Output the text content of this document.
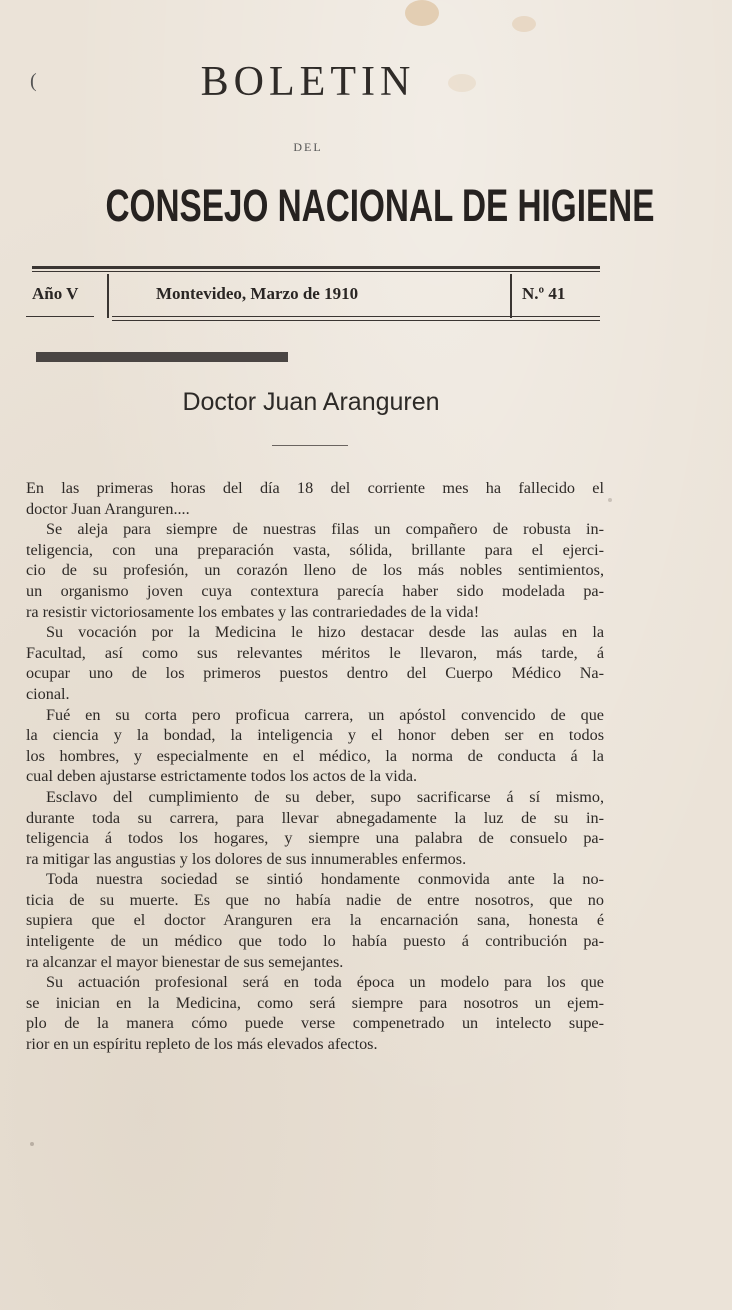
(	BOLETIN
DEL
CONSEJO NACIONAL DE HIGIENE
Año V	Montevideo, Marzo de 1910	N.º 41
Doctor Juan Aranguren
En las primeras horas del día 18 del corriente mes ha fallecido el
doctor Juan Aranguren....
Se aleja para siempre de nuestras filas un compañero de robusta in-
teligencia, con una preparación vasta, sólida, brillante para el ejerci-
cio de su profesión, un corazón lleno de los más nobles sentimientos,
un organismo joven cuya contextura parecía haber sido modelada pa-
ra resistir victoriosamente los embates y las contrariedades de la vida!
Su vocación por la Medicina le hizo destacar desde las aulas en la
Facultad, así como sus relevantes méritos le llevaron, más tarde, á
ocupar uno de los primeros puestos dentro del Cuerpo Médico Na-
cional.
Fué en su corta pero proficua carrera, un apóstol convencido de que
la ciencia y la bondad, la inteligencia y el honor deben ser en todos
los hombres, y especialmente en el médico, la norma de conducta á la
cual deben ajustarse estrictamente todos los actos de la vida.
Esclavo del cumplimiento de su deber, supo sacrificarse á sí mismo,
durante toda su carrera, para llevar abnegadamente la luz de su in-
teligencia á todos los hogares, y siempre una palabra de consuelo pa-
ra mitigar las angustias y los dolores de sus innumerables enfermos.
Toda nuestra sociedad se sintió hondamente conmovida ante la no-
ticia de su muerte. Es que no había nadie de entre nosotros, que no
supiera que el doctor Aranguren era la encarnación sana, honesta é
inteligente de un médico que todo lo había puesto á contribución pa-
ra alcanzar el mayor bienestar de sus semejantes.
Su actuación profesional será en toda época un modelo para los que
se inician en la Medicina, como será siempre para nosotros un ejem-
plo de la manera cómo puede verse compenetrado un intelecto supe-
rior en un espíritu repleto de los más elevados afectos.
